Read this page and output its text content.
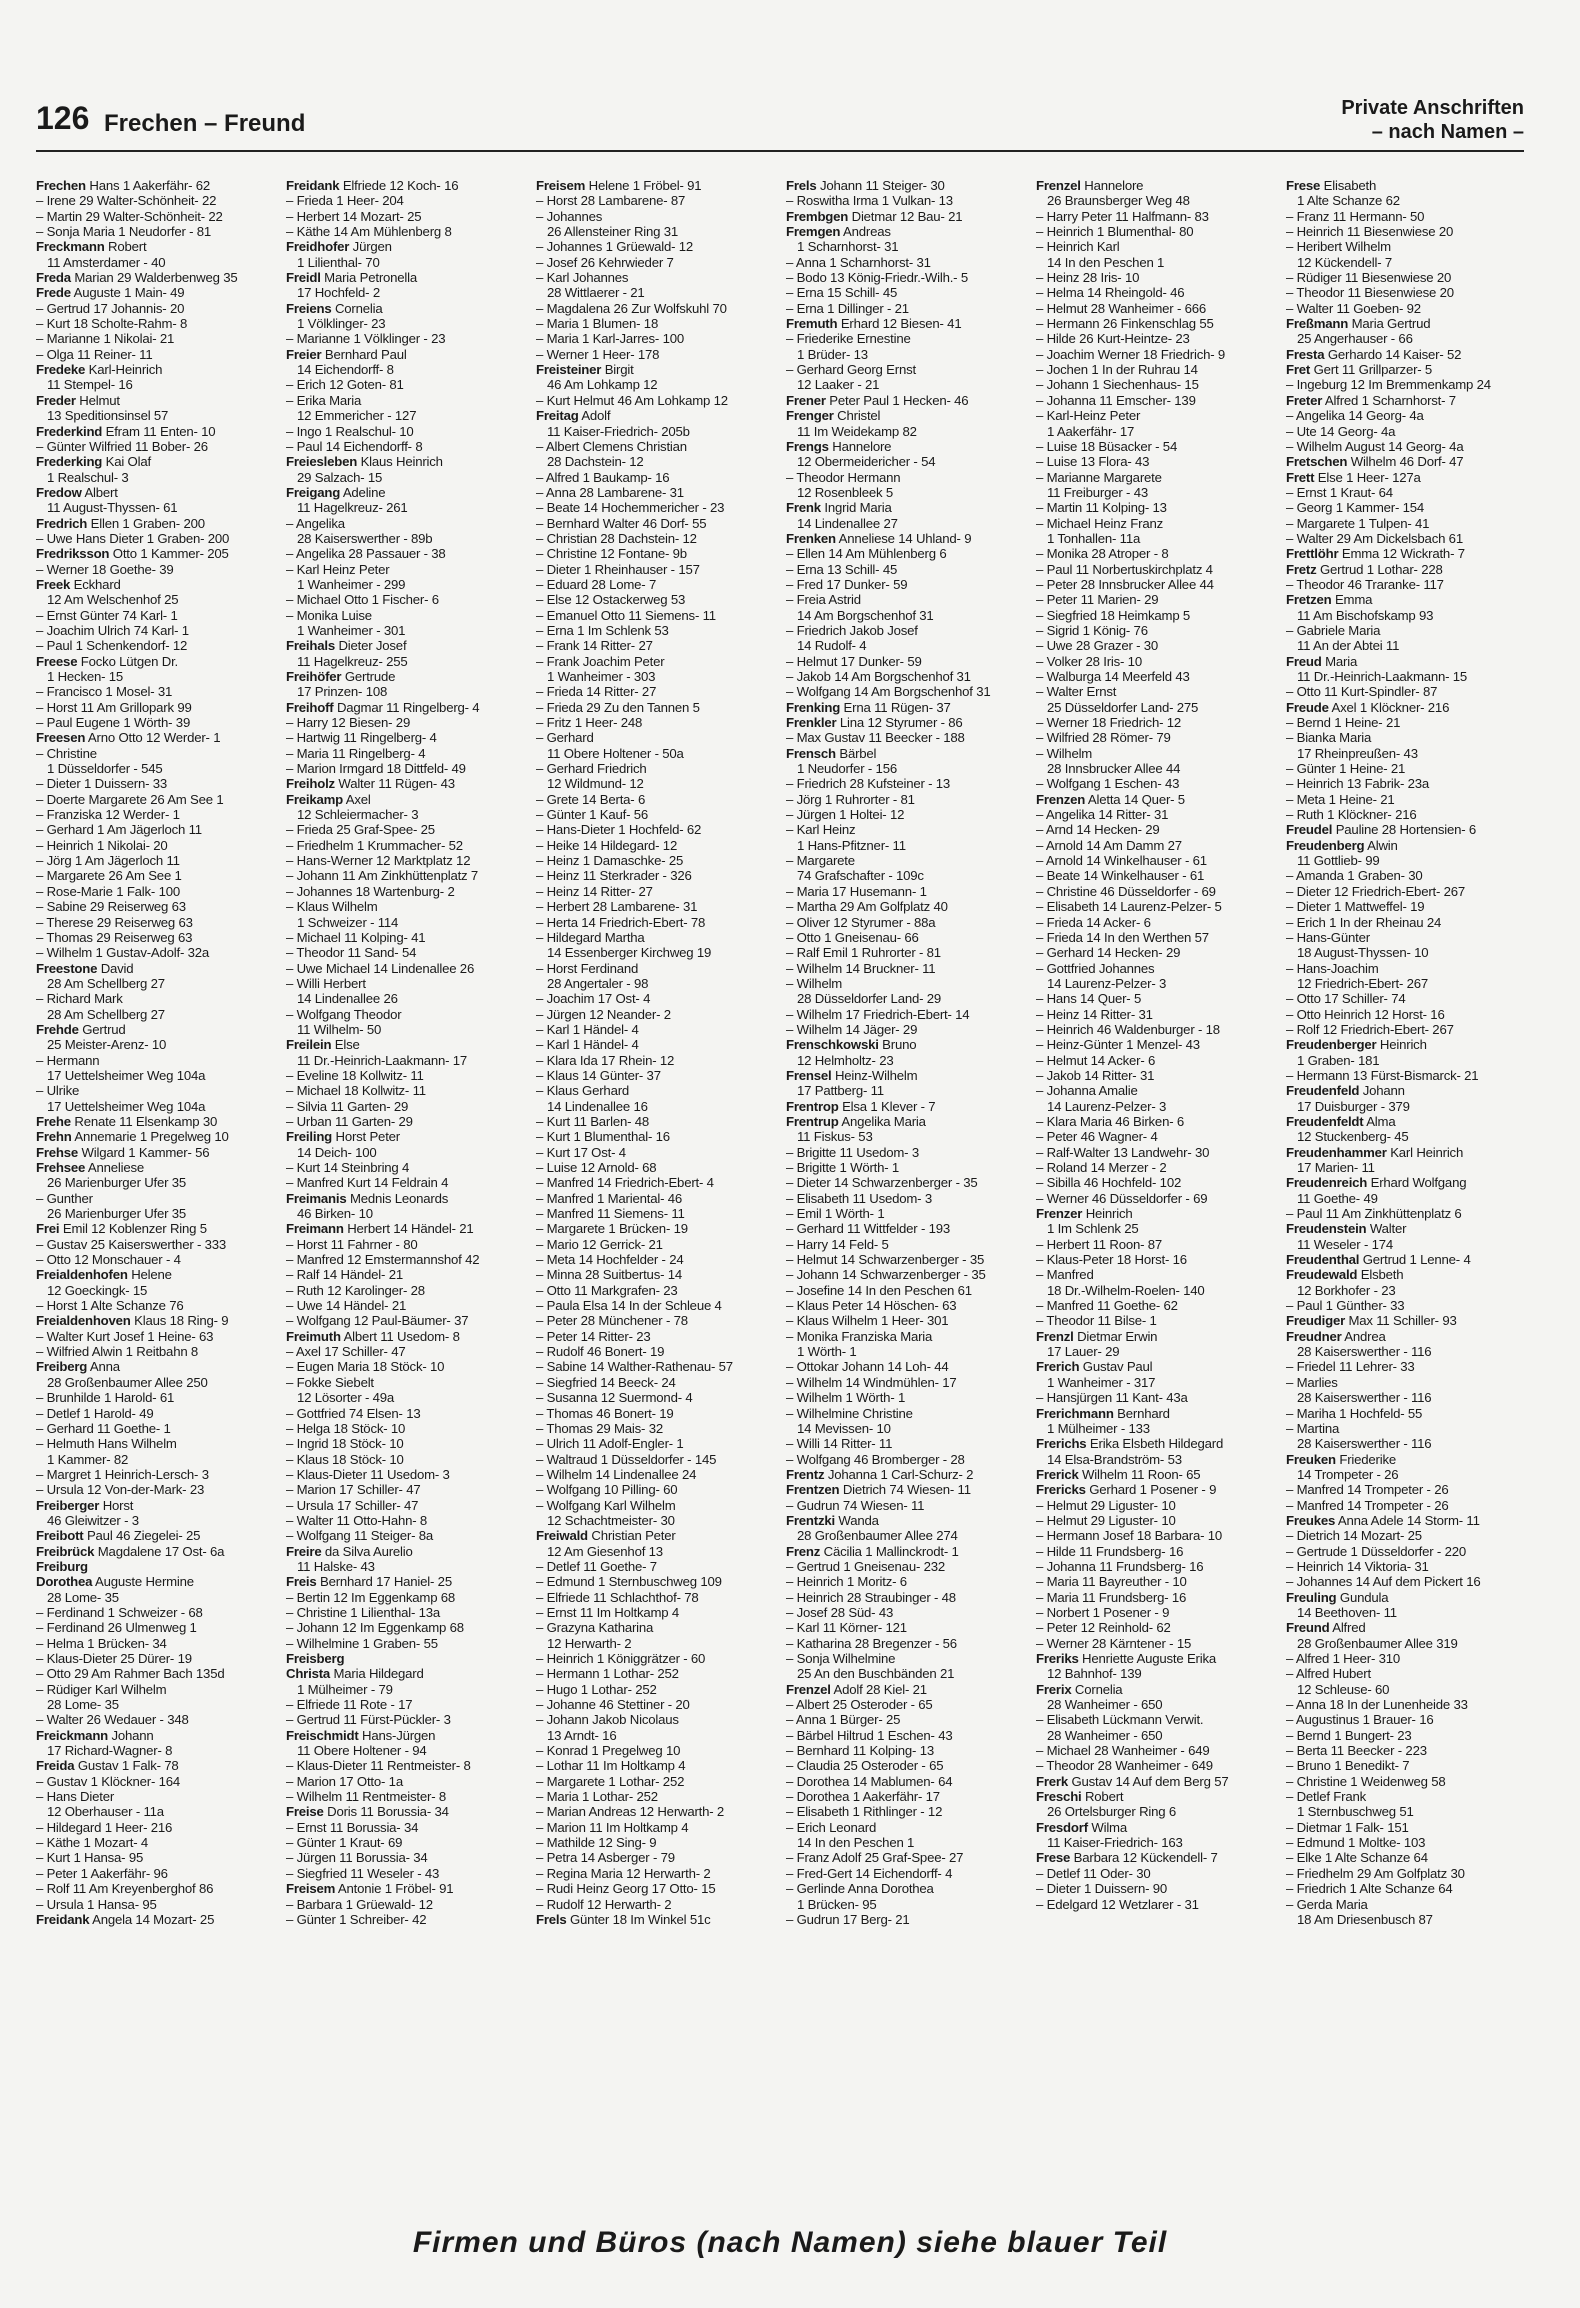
126 Frechen – Freund
Private Anschriften
– nach Namen –
Frechen Hans 1 Aakerfähr- 62
– Irene 29 Walter-Schönheit- 22
– Martin 29 Walter-Schönheit- 22
– Sonja Maria 1 Neudorfer - 81
Freckmann Robert
11 Amsterdamer - 40
Freda Marian 29 Walderbenweg 35
Frede Auguste 1 Main- 49
– Gertrud 17 Johannis- 20
– Kurt 18 Scholte-Rahm- 8
– Marianne 1 Nikolai- 21
– Olga 11 Reiner- 11
Fredeke Karl-Heinrich
11 Stempel- 16
Freder Helmut
13 Speditionsinsel 57
Frederkind Efram 11 Enten- 10
– Günter Wilfried 11 Bober- 26
Frederking Kai Olaf
1 Realschul- 3
Fredow Albert
11 August-Thyssen- 61
Fredrich Ellen 1 Graben- 200
– Uwe Hans Dieter 1 Graben- 200
Fredriksson Otto 1 Kammer- 205
– Werner 18 Goethe- 39
Freek Eckhard
12 Am Welschenhof 25
– Ernst Günter 74 Karl- 1
– Joachim Ulrich 74 Karl- 1
– Paul 1 Schenkendorf- 12
Freese Focko Lütgen Dr.
1 Hecken- 15
– Francisco 1 Mosel- 31
– Horst 11 Am Grillopark 99
– Paul Eugene 1 Wörth- 39
Freesen Arno Otto 12 Werder- 1
– Christine
1 Düsseldorfer - 545
– Dieter 1 Duissern- 33
– Doerte Margarete 26 Am See 1
– Franziska 12 Werder- 1
– Gerhard 1 Am Jägerloch 11
– Heinrich 1 Nikolai- 20
– Jörg 1 Am Jägerloch 11
– Margarete 26 Am See 1
– Rose-Marie 1 Falk- 100
– Sabine 29 Reiserweg 63
– Therese 29 Reiserweg 63
– Thomas 29 Reiserweg 63
– Wilhelm 1 Gustav-Adolf- 32a
Freestone David
28 Am Schellberg 27
– Richard Mark
28 Am Schellberg 27
Frehde Gertrud
25 Meister-Arenz- 10
– Hermann
17 Uettelsheimer Weg 104a
– Ulrike
17 Uettelsheimer Weg 104a
Frehe Renate 11 Elsenkamp 30
Frehn Annemarie 1 Pregelweg 10
Frehse Wilgard 1 Kammer- 56
Frehsee Anneliese
26 Marienburger Ufer 35
– Gunther
26 Marienburger Ufer 35
Frei Emil 12 Koblenzer Ring 5
– Gustav 25 Kaiserswerther - 333
– Otto 12 Monschauer - 4
Freialdenhofen Helene
12 Goeckingk- 15
– Horst 1 Alte Schanze 76
Freialdenhoven Klaus 18 Ring- 9
– Walter Kurt Josef 1 Heine- 63
– Wilfried Alwin 1 Reitbahn 8
Freiberg Anna
28 Großenbaumer Allee 250
– Brunhilde 1 Harold- 61
– Detlef 1 Harold- 49
– Gerhard 11 Goethe- 1
– Helmuth Hans Wilhelm
1 Kammer- 82
– Margret 1 Heinrich-Lersch- 3
– Ursula 12 Von-der-Mark- 23
Freiberger Horst
46 Gleiwitzer - 3
Freibott Paul 46 Ziegelei- 25
Freibrück Magdalene 17 Ost- 6a
Freiburg
Dorothea Auguste Hermine
28 Lome- 35
– Ferdinand 1 Schweizer - 68
– Ferdinand 26 Ulmenweg 1
– Helma 1 Brücken- 34
– Klaus-Dieter 25 Dürer- 19
– Otto 29 Am Rahmer Bach 135d
– Rüdiger Karl Wilhelm
28 Lome- 35
– Walter 26 Wedauer - 348
Freickmann Johann
17 Richard-Wagner- 8
Freida Gustav 1 Falk- 78
– Gustav 1 Klöckner- 164
– Hans Dieter
12 Oberhauser - 11a
– Hildegard 1 Heer- 216
– Käthe 1 Mozart- 4
– Kurt 1 Hansa- 95
– Peter 1 Aakerfähr- 96
– Rolf 11 Am Kreyenberghof 86
– Ursula 1 Hansa- 95
Freidank Angela 14 Mozart- 25
Freidank Elfriede 12 Koch- 16
– Frieda 1 Heer- 204
– Herbert 14 Mozart- 25
– Käthe 14 Am Mühlenberg 8
Freidhofer Jürgen
1 Lilienthal- 70
Freidl Maria Petronella
17 Hochfeld- 2
Freiens Cornelia
1 Völklinger- 23
– Marianne 1 Völklinger - 23
Freier Bernhard Paul
14 Eichendorff- 8
– Erich 12 Goten- 81
– Erika Maria
12 Emmericher - 127
– Ingo 1 Realschul- 10
– Paul 14 Eichendorff- 8
Freiesleben Klaus Heinrich
29 Salzach- 15
Freigang Adeline
11 Hagelkreuz- 261
– Angelika
28 Kaiserswerther - 89b
– Angelika 28 Passauer - 38
– Karl Heinz Peter
1 Wanheimer - 299
– Michael Otto 1 Fischer- 6
– Monika Luise
1 Wanheimer - 301
Freihals Dieter Josef
11 Hagelkreuz- 255
Freihöfer Gertrude
17 Prinzen- 108
Freihoff Dagmar 11 Ringelberg- 4
– Harry 12 Biesen- 29
– Hartwig 11 Ringelberg- 4
– Maria 11 Ringelberg- 4
– Marion Irmgard 18 Dittfeld- 49
Freiholz Walter 11 Rügen- 43
Freikamp Axel
12 Schleiermacher- 3
– Frieda 25 Graf-Spee- 25
– Friedhelm 1 Krummacher- 52
– Hans-Werner 12 Marktplatz 12
– Johann 11 Am Zinkhüttenplatz 7
– Johannes 18 Wartenburg- 2
– Klaus Wilhelm
1 Schweizer - 114
– Michael 11 Kolping- 41
– Theodor 11 Sand- 54
– Uwe Michael 14 Lindenallee 26
– Willi Herbert
14 Lindenallee 26
– Wolfgang Theodor
11 Wilhelm- 50
Freilein Else
11 Dr.-Heinrich-Laakmann- 17
– Eveline 18 Kollwitz- 11
– Michael 18 Kollwitz- 11
– Silvia 11 Garten- 29
– Urban 11 Garten- 29
Freiling Horst Peter
14 Deich- 100
– Kurt 14 Steinbring 4
– Manfred Kurt 14 Feldrain 4
Freimanis Mednis Leonards
46 Birken- 10
Freimann Herbert 14 Händel- 21
– Horst 11 Fahrner - 80
– Manfred 12 Emstermannshof 42
– Ralf 14 Händel- 21
– Ruth 12 Karolinger- 28
– Uwe 14 Händel- 21
– Wolfgang 12 Paul-Bäumer- 37
Freimuth Albert 11 Usedom- 8
– Axel 17 Schiller- 47
– Eugen Maria 18 Stöck- 10
– Fokke Siebelt
12 Lösorter - 49a
– Gottfried 74 Elsen- 13
– Helga 18 Stöck- 10
– Ingrid 18 Stöck- 10
– Klaus 18 Stöck- 10
– Klaus-Dieter 11 Usedom- 3
– Marion 17 Schiller- 47
– Ursula 17 Schiller- 47
– Walter 11 Otto-Hahn- 8
– Wolfgang 11 Steiger- 8a
Freire da Silva Aurelio
11 Halske- 43
Freis Bernhard 17 Haniel- 25
– Bertin 12 Im Eggenkamp 68
– Christine 1 Lilienthal- 13a
– Johann 12 Im Eggenkamp 68
– Wilhelmine 1 Graben- 55
Freisberg
Christa Maria Hildegard
1 Mülheimer - 79
– Elfriede 11 Rote - 17
– Gertrud 11 Fürst-Pückler- 3
Freischmidt Hans-Jürgen
11 Obere Holtener - 94
– Klaus-Dieter 11 Rentmeister- 8
– Marion 17 Otto- 1a
– Wilhelm 11 Rentmeister- 8
Freise Doris 11 Borussia- 34
– Ernst 11 Borussia- 34
– Günter 1 Kraut- 69
– Jürgen 11 Borussia- 34
– Siegfried 11 Weseler - 43
Freisem Antonie 1 Fröbel- 91
– Barbara 1 Grüewald- 12
– Günter 1 Schreiber- 42
Freisem Helene 1 Fröbel- 91
– Horst 28 Lambarene- 87
– Johannes
26 Allensteiner Ring 31
– Johannes 1 Grüewald- 12
– Josef 26 Kehrwieder 7
– Karl Johannes
28 Wittlaerer - 21
– Magdalena 26 Zur Wolfskuhl 70
– Maria 1 Blumen- 18
– Maria 1 Karl-Jarres- 100
– Werner 1 Heer- 178
Freisteiner Birgit
46 Am Lohkamp 12
– Kurt Helmut 46 Am Lohkamp 12
Freitag Adolf
11 Kaiser-Friedrich- 205b
– Albert Clemens Christian
28 Dachstein- 12
– Alfred 1 Baukamp- 16
– Anna 28 Lambarene- 31
– Beate 14 Hochemmericher - 23
– Bernhard Walter 46 Dorf- 55
– Christian 28 Dachstein- 12
– Christine 12 Fontane- 9b
– Dieter 1 Rheinhauser - 157
– Eduard 28 Lome- 7
– Else 12 Ostackerweg 53
– Emanuel Otto 11 Siemens- 11
– Erna 1 Im Schlenk 53
– Frank 14 Ritter- 27
– Frank Joachim Peter
1 Wanheimer - 303
– Frieda 14 Ritter- 27
– Frieda 29 Zu den Tannen 5
– Fritz 1 Heer- 248
– Gerhard
11 Obere Holtener - 50a
– Gerhard Friedrich
12 Wildmund- 12
– Grete 14 Berta- 6
– Günter 1 Kauf- 56
– Hans-Dieter 1 Hochfeld- 62
– Heike 14 Hildegard- 12
– Heinz 1 Damaschke- 25
– Heinz 11 Sterkrader - 326
– Heinz 14 Ritter- 27
– Herbert 28 Lambarene- 31
– Herta 14 Friedrich-Ebert- 78
– Hildegard Martha
14 Essenberger Kirchweg 19
– Horst Ferdinand
28 Angertaler - 98
– Joachim 17 Ost- 4
– Jürgen 12 Neander- 2
– Karl 1 Händel- 4
– Karl 1 Händel- 4
– Klara Ida 17 Rhein- 12
– Klaus 14 Günter- 37
– Klaus Gerhard
14 Lindenallee 16
– Kurt 11 Barlen- 48
– Kurt 1 Blumenthal- 16
– Kurt 17 Ost- 4
– Luise 12 Arnold- 68
– Manfred 14 Friedrich-Ebert- 4
– Manfred 1 Mariental- 46
– Manfred 11 Siemens- 11
– Margarete 1 Brücken- 19
– Mario 12 Gerrick- 21
– Meta 14 Hochfelder - 24
– Minna 28 Suitbertus- 14
– Otto 11 Markgrafen- 23
– Paula Elsa 14 In der Schleue 4
– Peter 28 Münchener - 78
– Peter 14 Ritter- 23
– Rudolf 46 Bonert- 19
– Sabine 14 Walther-Rathenau- 57
– Siegfried 14 Beeck- 24
– Susanna 12 Suermond- 4
– Thomas 46 Bonert- 19
– Thomas 29 Mais- 32
– Ulrich 11 Adolf-Engler- 1
– Waltraud 1 Düsseldorfer - 145
– Wilhelm 14 Lindenallee 24
– Wolfgang 10 Pilling- 60
– Wolfgang Karl Wilhelm
12 Schachtmeister- 30
Freiwald Christian Peter
12 Am Giesenhof 13
– Detlef 11 Goethe- 7
– Edmund 1 Sternbuschweg 109
– Elfriede 11 Schlachthof- 78
– Ernst 11 Im Holtkamp 4
– Grazyna Katharina
12 Herwarth- 2
– Heinrich 1 Königgrätzer - 60
– Hermann 1 Lothar- 252
– Hugo 1 Lothar- 252
– Johanne 46 Stettiner - 20
– Johann Jakob Nicolaus
13 Arndt- 16
– Konrad 1 Pregelweg 10
– Lothar 11 Im Holtkamp 4
– Margarete 1 Lothar- 252
– Maria 1 Lothar- 252
– Marian Andreas 12 Herwarth- 2
– Marion 11 Im Holtkamp 4
– Mathilde 12 Sing- 9
– Petra 14 Asberger - 79
– Regina Maria 12 Herwarth- 2
– Rudi Heinz Georg 17 Otto- 15
– Rudolf 12 Herwarth- 2
Frels Günter 18 Im Winkel 51c
Frels Johann 11 Steiger- 30
– Roswitha Irma 1 Vulkan- 13
Frembgen Dietmar 12 Bau- 21
Fremgen Andreas
1 Scharnhorst- 31
– Anna 1 Scharnhorst- 31
– Bodo 13 König-Friedr.-Wilh.- 5
– Erna 15 Schill- 45
– Erna 1 Dillinger - 21
Fremuth Erhard 12 Biesen- 41
– Friederike Ernestine
1 Brüder- 13
– Gerhard Georg Ernst
12 Laaker - 21
Frener Peter Paul 1 Hecken- 46
Frenger Christel
11 Im Weidekamp 82
Frengs Hannelore
12 Obermeidericher - 54
– Theodor Hermann
12 Rosenbleek 5
Frenk Ingrid Maria
14 Lindenallee 27
Frenken Anneliese 14 Uhland- 9
– Ellen 14 Am Mühlenberg 6
– Erna 13 Schill- 45
– Fred 17 Dunker- 59
– Freia Astrid
14 Am Borgschenhof 31
– Friedrich Jakob Josef
14 Rudolf- 4
– Helmut 17 Dunker- 59
– Jakob 14 Am Borgschenhof 31
– Wolfgang 14 Am Borgschenhof 31
Frenking Erna 11 Rügen- 37
Frenkler Lina 12 Styrumer - 86
– Max Gustav 11 Beecker - 188
Frensch Bärbel
1 Neudorfer - 156
– Friedrich 28 Kufsteiner - 13
– Jörg 1 Ruhrorter - 81
– Jürgen 1 Holtei- 12
– Karl Heinz
1 Hans-Pfitzner- 11
– Margarete
74 Grafschafter - 109c
– Maria 17 Husemann- 1
– Martha 29 Am Golfplatz 40
– Oliver 12 Styrumer - 88a
– Otto 1 Gneisenau- 66
– Ralf Emil 1 Ruhrorter - 81
– Wilhelm 14 Bruckner- 11
– Wilhelm
28 Düsseldorfer Land- 29
– Wilhelm 17 Friedrich-Ebert- 14
– Wilhelm 14 Jäger- 29
Frenschkowski Bruno
12 Helmholtz- 23
Frensel Heinz-Wilhelm
17 Pattberg- 11
Frentrop Elsa 1 Klever - 7
Frentrup Angelika Maria
11 Fiskus- 53
– Brigitte 11 Usedom- 3
– Brigitte 1 Wörth- 1
– Dieter 14 Schwarzenberger - 35
– Elisabeth 11 Usedom- 3
– Emil 1 Wörth- 1
– Gerhard 11 Wittfelder - 193
– Harry 14 Feld- 5
– Helmut 14 Schwarzenberger - 35
– Johann 14 Schwarzenberger - 35
– Josefine 14 In den Peschen 61
– Klaus Peter 14 Höschen- 63
– Klaus Wilhelm 1 Heer- 301
– Monika Franziska Maria
1 Wörth- 1
– Ottokar Johann 14 Loh- 44
– Wilhelm 14 Windmühlen- 17
– Wilhelm 1 Wörth- 1
– Wilhelmine Christine
14 Mevissen- 10
– Willi 14 Ritter- 11
– Wolfgang 46 Bromberger - 28
Frentz Johanna 1 Carl-Schurz- 2
Frentzen Dietrich 74 Wiesen- 11
– Gudrun 74 Wiesen- 11
Frentzki Wanda
28 Großenbaumer Allee 274
Frenz Cäcilia 1 Mallinckrodt- 1
– Gertrud 1 Gneisenau- 232
– Heinrich 1 Moritz- 6
– Heinrich 28 Straubinger - 48
– Josef 28 Süd- 43
– Karl 11 Körner- 121
– Katharina 28 Bregenzer - 56
– Sonja Wilhelmine
25 An den Buschbänden 21
Frenzel Adolf 28 Kiel- 21
– Albert 25 Osteroder - 65
– Anna 1 Bürger- 25
– Bärbel Hiltrud 1 Eschen- 43
– Bernhard 11 Kolping- 13
– Claudia 25 Osteroder - 65
– Dorothea 14 Mablumen- 64
– Dorothea 1 Aakerfähr- 17
– Elisabeth 1 Rithlinger - 12
– Erich Leonard
14 In den Peschen 1
– Franz Adolf 25 Graf-Spee- 27
– Fred-Gert 14 Eichendorff- 4
– Gerlinde Anna Dorothea
1 Brücken- 95
– Gudrun 17 Berg- 21
Frenzel Hannelore
26 Braunsberger Weg 48
– Harry Peter 11 Halfmann- 83
– Heinrich 1 Blumenthal- 80
– Heinrich Karl
14 In den Peschen 1
– Heinz 28 Iris- 10
– Helma 14 Rheingold- 46
– Helmut 28 Wanheimer - 666
– Hermann 26 Finkenschlag 55
– Hilde 26 Kurt-Heintze- 23
– Joachim Werner 18 Friedrich- 9
– Jochen 1 In der Ruhrau 14
– Johann 1 Siechenhaus- 15
– Johanna 11 Emscher- 139
– Karl-Heinz Peter
1 Aakerfähr- 17
– Luise 18 Büsacker - 54
– Luise 13 Flora- 43
– Marianne Margarete
11 Freiburger - 43
– Martin 11 Kolping- 13
– Michael Heinz Franz
1 Tonhallen- 11a
– Monika 28 Atroper - 8
– Paul 11 Norbertuskirchplatz 4
– Peter 28 Innsbrucker Allee 44
– Peter 11 Marien- 29
– Siegfried 18 Heimkamp 5
– Sigrid 1 König- 76
– Uwe 28 Grazer - 30
– Volker 28 Iris- 10
– Walburga 14 Meerfeld 43
– Walter Ernst
25 Düsseldorfer Land- 275
– Werner 18 Friedrich- 12
– Wilfried 28 Römer- 79
– Wilhelm
28 Innsbrucker Allee 44
– Wolfgang 1 Eschen- 43
Frenzen Aletta 14 Quer- 5
– Angelika 14 Ritter- 31
– Arnd 14 Hecken- 29
– Arnold 14 Am Damm 27
– Arnold 14 Winkelhauser - 61
– Beate 14 Winkelhauser - 61
– Christine 46 Düsseldorfer - 69
– Elisabeth 14 Laurenz-Pelzer- 5
– Frieda 14 Acker- 6
– Frieda 14 In den Werthen 57
– Gerhard 14 Hecken- 29
– Gottfried Johannes
14 Laurenz-Pelzer- 3
– Hans 14 Quer- 5
– Heinz 14 Ritter- 31
– Heinrich 46 Waldenburger - 18
– Heinz-Günter 1 Menzel- 43
– Helmut 14 Acker- 6
– Jakob 14 Ritter- 31
– Johanna Amalie
14 Laurenz-Pelzer- 3
– Klara Maria 46 Birken- 6
– Peter 46 Wagner- 4
– Ralf-Walter 13 Landwehr- 30
– Roland 14 Merzer - 2
– Sibilla 46 Hochfeld- 102
– Werner 46 Düsseldorfer - 69
Frenzer Heinrich
1 Im Schlenk 25
– Herbert 11 Roon- 87
– Klaus-Peter 18 Horst- 16
– Manfred
18 Dr.-Wilhelm-Roelen- 140
– Manfred 11 Goethe- 62
– Theodor 11 Bilse- 1
Frenzl Dietmar Erwin
17 Lauer- 29
Frerich Gustav Paul
1 Wanheimer - 317
– Hansjürgen 11 Kant- 43a
Frerichmann Bernhard
1 Mülheimer - 133
Frerichs Erika Elsbeth Hildegard
14 Elsa-Brandström- 53
Frerick Wilhelm 11 Roon- 65
Frericks Gerhard 1 Posener - 9
– Helmut 29 Liguster- 10
– Helmut 29 Liguster- 10
– Hermann Josef 18 Barbara- 10
– Hilde 11 Frundsberg- 16
– Johanna 11 Frundsberg- 16
– Maria 11 Bayreuther - 10
– Maria 11 Frundsberg- 16
– Norbert 1 Posener - 9
– Peter 12 Reinhold- 62
– Werner 28 Kärntener - 15
Freriks Henriette Auguste Erika
12 Bahnhof- 139
Frerix Cornelia
28 Wanheimer - 650
– Elisabeth Lückmann Verwit.
28 Wanheimer - 650
– Michael 28 Wanheimer - 649
– Theodor 28 Wanheimer - 649
Frerk Gustav 14 Auf dem Berg 57
Freschi Robert
26 Ortelsburger Ring 6
Fresdorf Wilma
11 Kaiser-Friedrich- 163
Frese Barbara 12 Kückendell- 7
– Detlef 11 Oder- 30
– Dieter 1 Duissern- 90
– Edelgard 12 Wetzlarer - 31
Frese Elisabeth
1 Alte Schanze 62
– Franz 11 Hermann- 50
– Heinrich 11 Biesenwiese 20
– Heribert Wilhelm
12 Kückendell- 7
– Rüdiger 11 Biesenwiese 20
– Theodor 11 Biesenwiese 20
– Walter 11 Goeben- 92
Freßmann Maria Gertrud
25 Angerhauser - 66
Fresta Gerhardo 14 Kaiser- 52
Fret Gert 11 Grillparzer- 5
– Ingeburg 12 Im Bremmenkamp 24
Freter Alfred 1 Scharnhorst- 7
– Angelika 14 Georg- 4a
– Ute 14 Georg- 4a
– Wilhelm August 14 Georg- 4a
Fretschen Wilhelm 46 Dorf- 47
Frett Else 1 Heer- 127a
– Ernst 1 Kraut- 64
– Georg 1 Kammer- 154
– Margarete 1 Tulpen- 41
– Walter 29 Am Dickelsbach 61
Frettlöhr Emma 12 Wickrath- 7
Fretz Gertrud 1 Lothar- 228
– Theodor 46 Traranke- 117
Fretzen Emma
11 Am Bischofskamp 93
– Gabriele Maria
11 An der Abtei 11
Freud Maria
11 Dr.-Heinrich-Laakmann- 15
– Otto 11 Kurt-Spindler- 87
Freude Axel 1 Klöckner- 216
– Bernd 1 Heine- 21
– Bianka Maria
17 Rheinpreußen- 43
– Günter 1 Heine- 21
– Heinrich 13 Fabrik- 23a
– Meta 1 Heine- 21
– Ruth 1 Klöckner- 216
Freudel Pauline 28 Hortensien- 6
Freudenberg Alwin
11 Gottlieb- 99
– Amanda 1 Graben- 30
– Dieter 12 Friedrich-Ebert- 267
– Dieter 1 Mattweffel- 19
– Erich 1 In der Rheinau 24
– Hans-Günter
18 August-Thyssen- 10
– Hans-Joachim
12 Friedrich-Ebert- 267
– Otto 17 Schiller- 74
– Otto Heinrich 12 Horst- 16
– Rolf 12 Friedrich-Ebert- 267
Freudenberger Heinrich
1 Graben- 181
– Hermann 13 Fürst-Bismarck- 21
Freudenfeld Johann
17 Duisburger - 379
Freudenfeldt Alma
12 Stuckenberg- 45
Freudenhammer Karl Heinrich
17 Marien- 11
Freudenreich Erhard Wolfgang
11 Goethe- 49
– Paul 11 Am Zinkhüttenplatz 6
Freudenstein Walter
11 Weseler - 174
Freudenthal Gertrud 1 Lenne- 4
Freudewald Elsbeth
12 Borkhofer - 23
– Paul 1 Günther- 33
Freudiger Max 11 Schiller- 93
Freudner Andrea
28 Kaiserswerther - 116
– Friedel 11 Lehrer- 33
– Marlies
28 Kaiserswerther - 116
– Mariha 1 Hochfeld- 55
– Martina
28 Kaiserswerther - 116
Freuken Friederike
14 Trompeter - 26
– Manfred 14 Trompeter - 26
– Manfred 14 Trompeter - 26
Freukes Anna Adele 14 Storm- 11
– Dietrich 14 Mozart- 25
– Gertrude 1 Düsseldorfer - 220
– Heinrich 14 Viktoria- 31
– Johannes 14 Auf dem Pickert 16
Freuling Gundula
14 Beethoven- 11
Freund Alfred
28 Großenbaumer Allee 319
– Alfred 1 Heer- 310
– Alfred Hubert
12 Schleuse- 60
– Anna 18 In der Lunenheide 33
– Augustinus 1 Brauer- 16
– Bernd 1 Bungert- 23
– Berta 11 Beecker - 223
– Bruno 1 Benedikt- 7
– Christine 1 Weidenweg 58
– Detlef Frank
1 Sternbuschweg 51
– Dietmar 1 Falk- 151
– Edmund 1 Moltke- 103
– Elke 1 Alte Schanze 64
– Friedhelm 29 Am Golfplatz 30
– Friedrich 1 Alte Schanze 64
– Gerda Maria
18 Am Driesenbusch 87
Firmen und Büros (nach Namen) siehe blauer Teil
